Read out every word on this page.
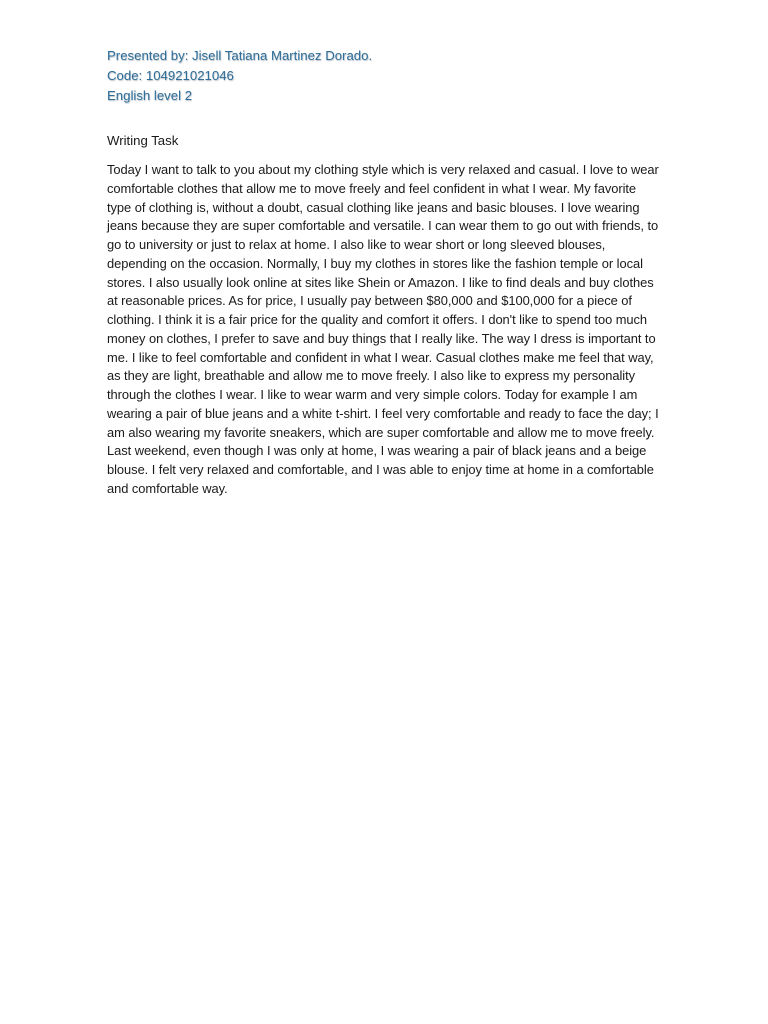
Presented by: Jisell Tatiana Martinez Dorado.
Code: 104921021046
English level 2
Writing Task

Today I want to talk to you about my clothing style which is very relaxed and casual. I love to wear comfortable clothes that allow me to move freely and feel confident in what I wear. My favorite type of clothing is, without a doubt, casual clothing like jeans and basic blouses. I love wearing jeans because they are super comfortable and versatile. I can wear them to go out with friends, to go to university or just to relax at home. I also like to wear short or long sleeved blouses, depending on the occasion. Normally, I buy my clothes in stores like the fashion temple or local stores. I also usually look online at sites like Shein or Amazon. I like to find deals and buy clothes at reasonable prices. As for price, I usually pay between $80,000 and $100,000 for a piece of clothing. I think it is a fair price for the quality and comfort it offers. I don't like to spend too much money on clothes, I prefer to save and buy things that I really like. The way I dress is important to me. I like to feel comfortable and confident in what I wear. Casual clothes make me feel that way, as they are light, breathable and allow me to move freely. I also like to express my personality through the clothes I wear. I like to wear warm and very simple colors. Today for example I am wearing a pair of blue jeans and a white t-shirt. I feel very comfortable and ready to face the day; I am also wearing my favorite sneakers, which are super comfortable and allow me to move freely. Last weekend, even though I was only at home, I was wearing a pair of black jeans and a beige blouse. I felt very relaxed and comfortable, and I was able to enjoy time at home in a comfortable and comfortable way.
